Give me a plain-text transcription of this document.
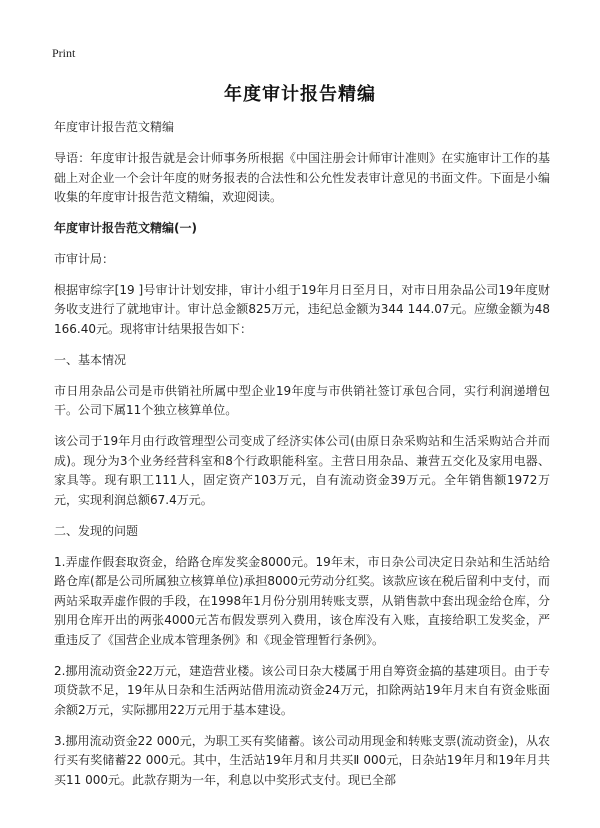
Print
年度审计报告精编

年度审计报告范文精编

导语：年度审计报告就是会计师事务所根据《中国注册会计师审计准则》在实施审计工作的基础上对企业一个会计年度的财务报表的合法性和公允性发表审计意见的书面文件。下面是小编收集的年度审计报告范文精编，欢迎阅读。

年度审计报告范文精编(一)

市审计局：

根据审综字[19 ]号审计计划安排，审计小组于19年月日至月日，对市日用杂品公司19年度财务收支进行了就地审计。审计总金额825万元，违纪总金额为344 144.07元。应缴金额为48 166.40元。现将审计结果报告如下：

一、基本情况

市日用杂品公司是市供销社所属中型企业19年度与市供销社签订承包合同，实行利润递增包干。公司下属11个独立核算单位。

该公司于19年月由行政管理型公司变成了经济实体公司(由原日杂采购站和生活采购站合并而成)。现分为3个业务经营科室和8个行政职能科室。主营日用杂品、兼营五交化及家用电器、家具等。现有职工111人，固定资产103万元，自有流动资金39万元。全年销售额1972万元，实现利润总额67.4万元。

二、发现的问题

1.弄虚作假套取资金，给路仓库发奖金8000元。19年末，市日杂公司决定日杂站和生活站给路仓库(都是公司所属独立核算单位)承担8000元劳动分红奖。该款应该在税后留利中支付，而两站采取弄虚作假的手段，在1998年1月份分别用转账支票，从销售款中套出现金给仓库，分别用仓库开出的两张4000元苫布假发票列入费用，该仓库没有入账，直接给职工发奖金，严重违反了《国营企业成本管理条例》和《现金管理暂行条例》。

2.挪用流动资金22万元，建造营业楼。该公司日杂大楼属于用自筹资金搞的基建项目。由于专项贷款不足，19年从日杂和生活两站借用流动资金24万元，扣除两站19年月末自有资金账面余额2万元，实际挪用22万元用于基本建设。

3.挪用流动资金22 000元，为职工买有奖储蓄。该公司动用现金和转账支票(流动资金)，从农行买有奖储蓄22 000元。其中，生活站19年月和月共买Ⅱ 000元，日杂站19年月和19年月共买11 000元。此款存期为一年，利息以中奖形式支付。现已全部
